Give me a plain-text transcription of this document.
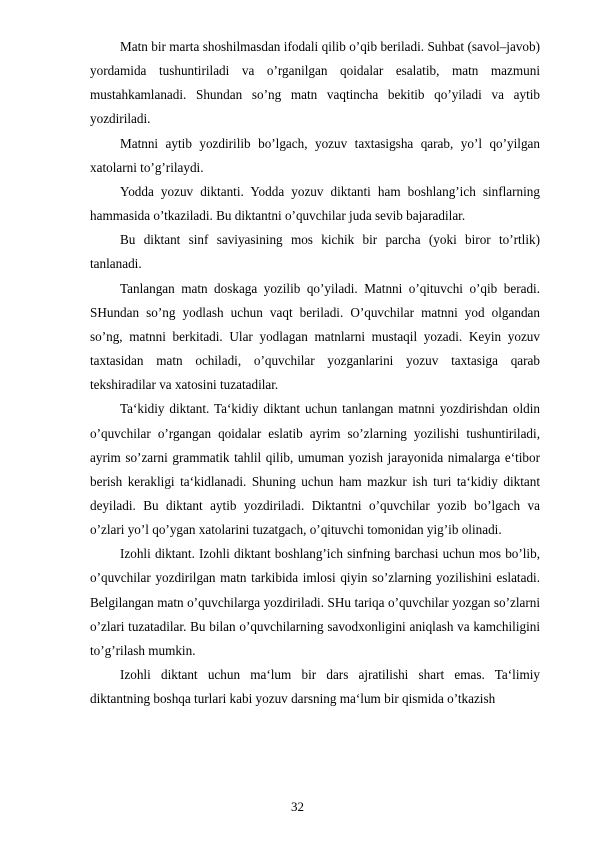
Matn bir marta shoshilmasdan ifodali qilib o’qib beriladi. Suhbat (savol–javob) yordamida tushuntiriladi va o’rganilgan qoidalar esalatib, matn mazmuni mustahkamlanadi. Shundan so’ng matn vaqtincha bekitib qo’yiladi va aytib yozdiriladi.

Matnni aytib yozdirilib bo’lgach, yozuv taxtasigsha qarab, yo’l qo’yilgan xatolarni to’g’rilaydi.

Yodda yozuv diktanti. Yodda yozuv diktanti ham boshlang’ich sinflarning hammasida o’tkaziladi. Bu diktantni o’quvchilar juda sevib bajaradilar.

Bu diktant sinf saviyasining mos kichik bir parcha (yoki biror to’rtlik) tanlanadi.

Tanlangan matn doskaga yozilib qo’yiladi. Matnni o’qituvchi o’qib beradi. SHundan so’ng yodlash uchun vaqt beriladi. O’quvchilar matnni yod olgandan so’ng, matnni berkitadi. Ular yodlagan matnlarni mustaqil yozadi. Keyin yozuv taxtasidan matn ochiladi, o’quvchilar yozganlarini yozuv taxtasiga qarab tekshiradilar va xatosini tuzatadilar.

Ta‘kidiy diktant. Ta‘kidiy diktant uchun tanlangan matnni yozdirishdan oldin o’quvchilar o’rgangan qoidalar eslatib ayrim so’zlarning yozilishi tushuntiriladi, ayrim so’zarni grammatik tahlil qilib, umuman yozish jarayonida nimalarga e‘tibor berish kerakligi ta‘kidlanadi. Shuning uchun ham mazkur ish turi ta‘kidiy diktant deyiladi. Bu diktant aytib yozdiriladi. Diktantni o’quvchilar yozib bo’lgach va o’zlari yo’l qo’ygan xatolarini tuzatgach, o’qituvchi tomonidan yig’ib olinadi.

Izohli diktant. Izohli diktant boshlang’ich sinfning barchasi uchun mos bo’lib, o’quvchilar yozdirilgan matn tarkibida imlosi qiyin so’zlarning yozilishini eslatadi. Belgilangan matn o’quvchilarga yozdiriladi. SHu tariqa o’quvchilar yozgan so’zlarni o’zlari tuzatadilar. Bu bilan o’quvchilarning savodxonligini aniqlash va kamchiligini to’g’rilash mumkin.

Izohli diktant uchun ma‘lum bir dars ajratilishi shart emas. Ta‘limiy diktantning boshqa turlari kabi yozuv darsning ma‘lum bir qismida o’tkazish

32
